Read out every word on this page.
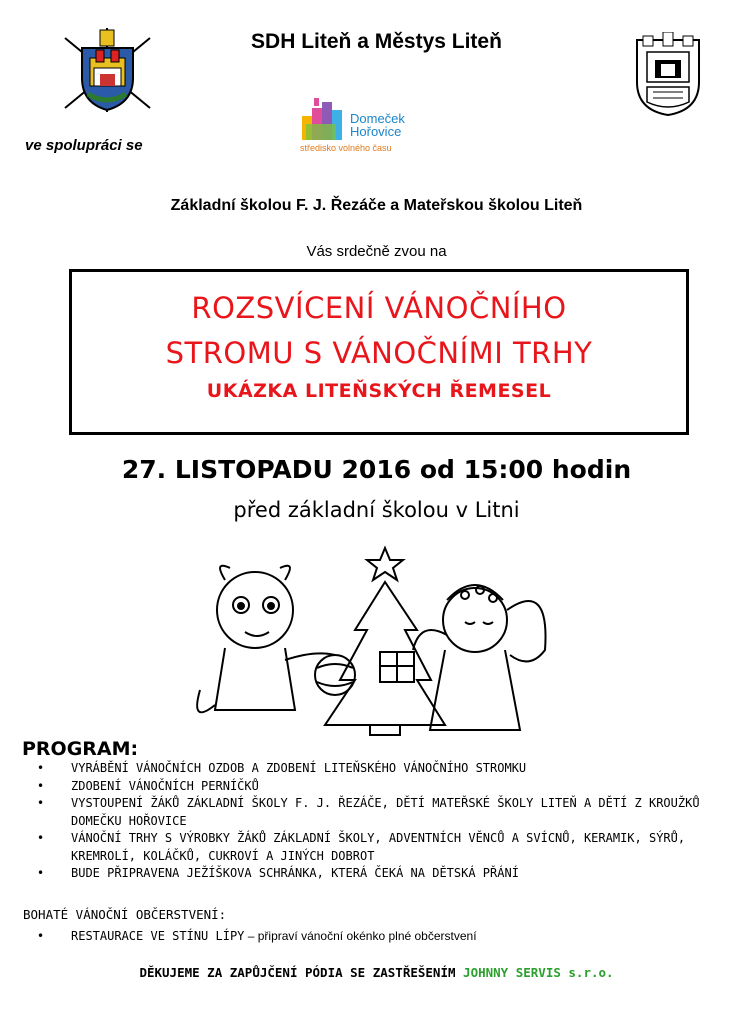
SDH Liteň a Městys Liteň
ve spolupráci se
Domeček
Hořovice
středisko volného času
Základní školou F. J. Řezáče a Mateřskou školou Liteň
Vás srdečně zvou na
ROZSVÍCENÍ VÁNOČNÍHO
STROMU S VÁNOČNÍMI TRHY
UKÁZKA LITEŇSKÝCH ŘEMESEL
27. LISTOPADU 2016 od 15:00 hodin
před základní školou v Litni
PROGRAM:
• VYRÁBĚNÍ VÁNOČNÍCH OZDOB A ZDOBENÍ LITEŇSKÉHO VÁNOČNÍHO STROMKU
• ZDOBENÍ VÁNOČNÍCH PERNÍČKŮ
• VYSTOUPENÍ ŽÁKŮ ZÁKLADNÍ ŠKOLY F. J. ŘEZÁČE, DĚTÍ MATEŘSKÉ ŠKOLY LITEŇ A DĚTÍ Z KROUŽKŮ DOMEČKU HOŘOVICE
• VÁNOČNÍ TRHY S VÝROBKY ŽÁKŮ ZÁKLADNÍ ŠKOLY, ADVENTNÍCH VĚNCŮ A SVÍCNŮ, KERAMIK, SÝRŮ, KREMROLÍ, KOLÁČKŮ, CUKROVÍ A JINÝCH DOBROT
• BUDE PŘIPRAVENA JEŽÍŠKOVA SCHRÁNKA, KTERÁ ČEKÁ NA DĚTSKÁ PŘÁNÍ
BOHATÉ VÁNOČNÍ OBČERSTVENÍ:
• RESTAURACE VE STÍNU LÍPY – připraví vánoční okénko plné občerstvení
DĚKUJEME ZA ZAPŮJČENÍ PÓDIA SE ZASTŘEŠENÍM JOHNNY SERVIS s.r.o.
